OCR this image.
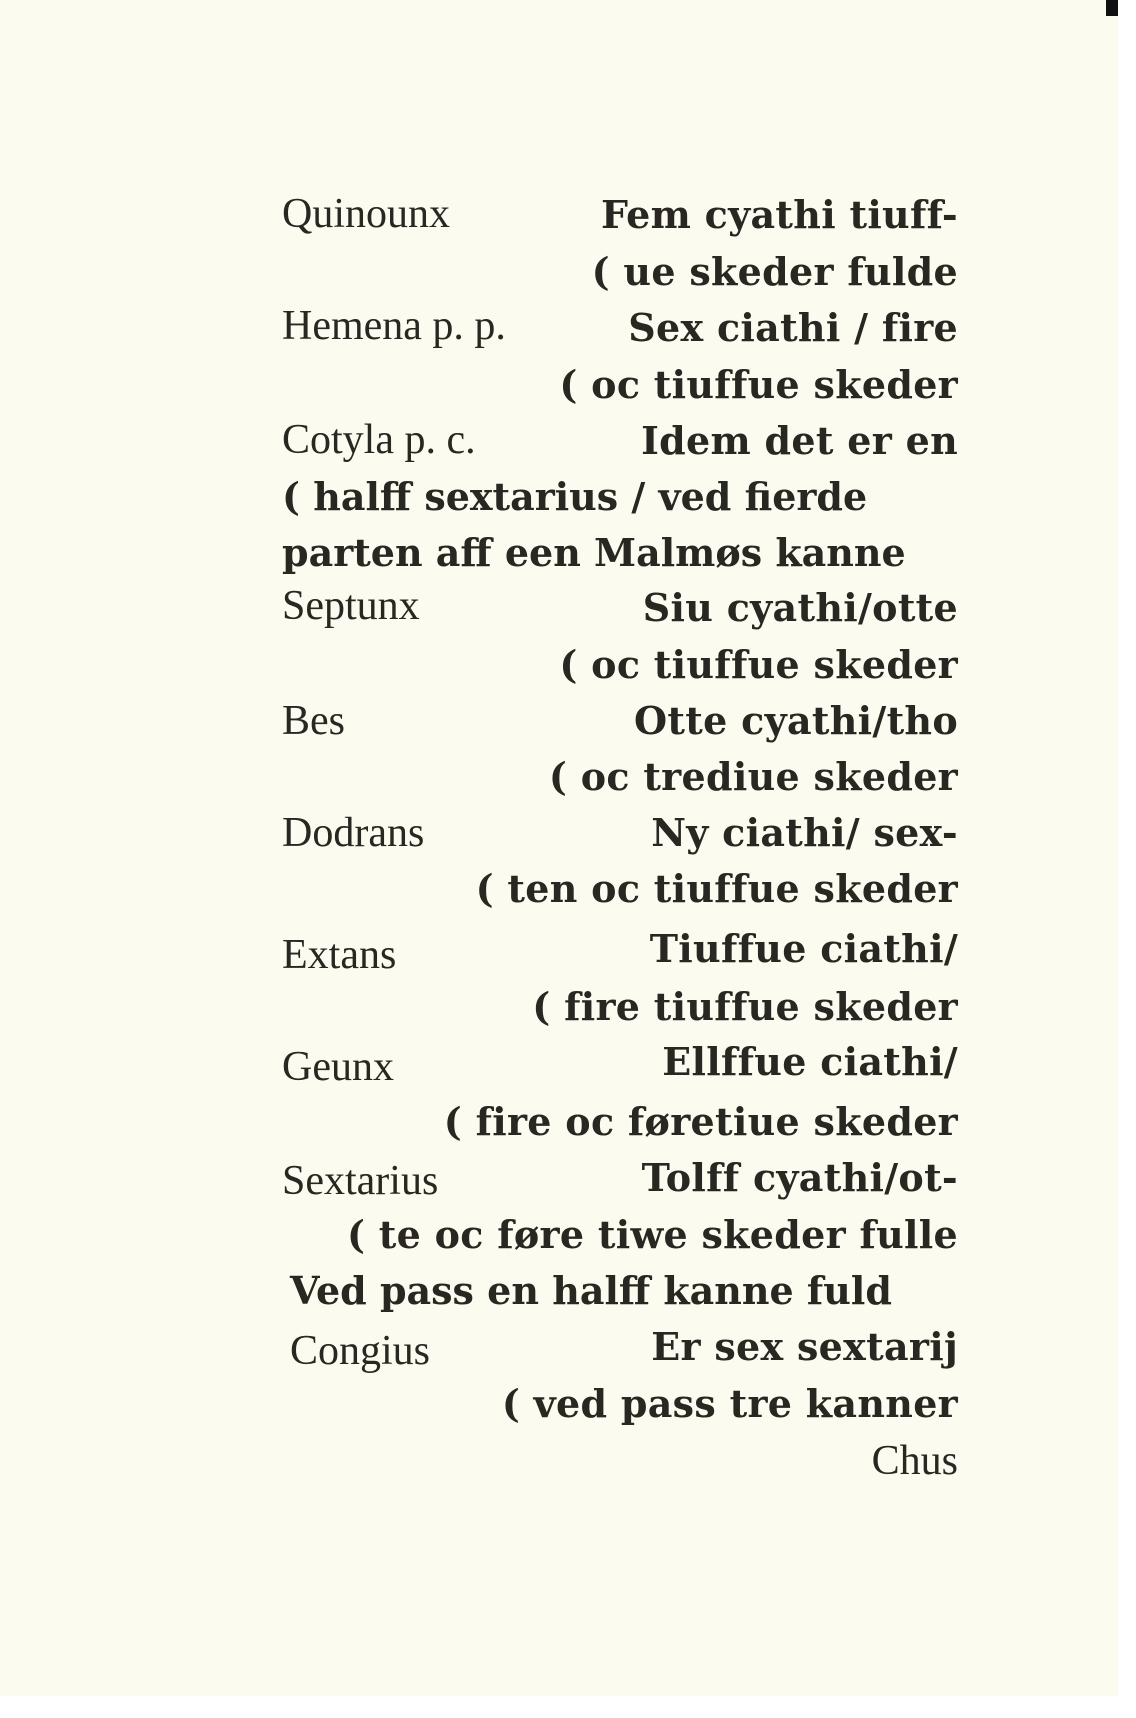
Quinounx	Fem cyathi tiuff-
( ue skeder fulde
Hemena p. p.	Sex ciathi / fire
( oc tiuffue skeder
Cotyla p. c.	Idem det er en
( halff sextarius / ved fierde
parten aff een Malmøs kanne
Septunx	Siu cyathi/otte
( oc tiuffue skeder
Bes	Otte cyathi/tho
( oc trediue skeder
Dodrans	Ny ciathi/ sex-
( ten oc tiuffue skeder
Extans	Tiuffue ciathi/
( fire tiuffue skeder
Geunx	Ellffue ciathi/
( fire oc føretiue skeder
Sextarius	Tolff cyathi/ot-
( te oc føre tiwe skeder fulle
Ved pass en halff kanne fuld
Congius	Er sex sextarij
( ved pass tre kanner
Chus
